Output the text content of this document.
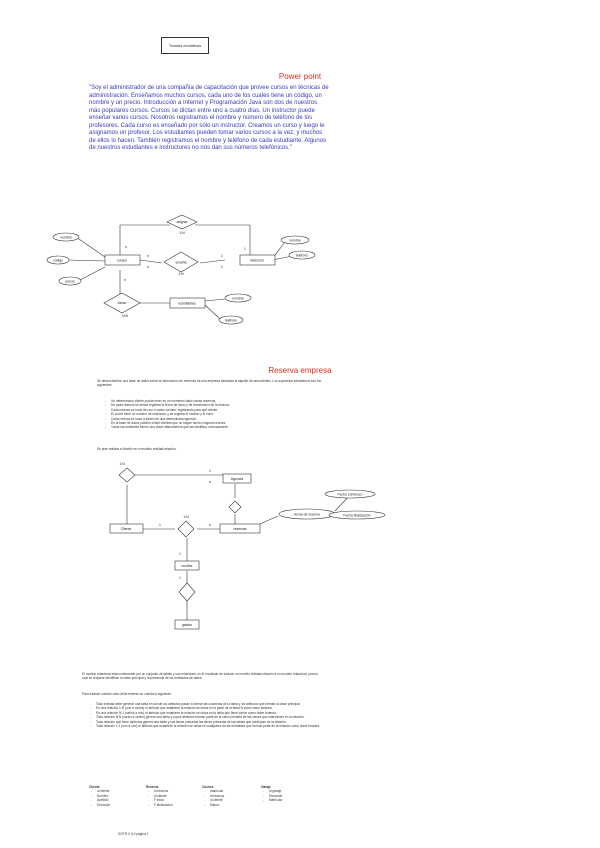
Tramos evolutivos
Power point
"Soy el administrador de una compañía de capacitación que provee cursos en técnicas de administración. Enseñamos muchos cursos, cada uno de los cuales tiene un código, un nombre y un precio. Introducción a Internet y Programación Java son dos de nuestros más populares cursos. Cursos se dictan entre uno a cuatro días. Un instructor puede enseñar varios cursos. Nosotros registramos el nombre y número de teléfono de los profesores. Cada curso es enseñado por sólo un instructor. Creamos un curso y luego le asignamos un profesor. Los estudiantes pueden tomar varios cursos a la vez, y muchos de ellos lo hacen. También registramos el nombre y teléfono de cada estudiante. Algunos de nuestros estudiantes e instructores no nos dan sus números telefónicos."
cursos	instructor
estudiantes
asignar
enseña
tomar
nombre
código
precio
nombre
teléfono
nombre
teléfono
1:N
1:N
N:N
n	1
n
n
1
1
n
Reserva empresa
Se desea diseñar una base de datos sobre la información de reservas de una empresa dedicada al alquiler de automóviles. Los supuestos semánticos son los siguientes:
- Un determinado cliente puede tener en un momento dado varias reservas.
- De cada reserva se desea registrar la fecha de inicio y de terminación de la reserva.
- Cada reserva se hace de uno o varios coches, registrando para qué cliente.
- El coche tiene un número de matrícula, y se registra el modelo y el color.
- Cada reserva se hace a través de una determinada agencia.
- En la base de datos pueden existir clientes que no hayan hecho ninguna reserva.
- Todas las entidades tienen una clave alfanumérica que las identifica unívocamente.
Se pide realizar el diseño en el modelo entidad-relación.
Agencia
Cliente	reservas
coches
gastos
fecha de reserva
Fecha comienzo
Fecha finalización
1:N
1:N
1
n
1	n
1
1
El modelo relacional está conformado por un conjunto de tablas y sus relaciones, es el resultado de traducir un modelo entidad-relación a un modelo relacional, para lo cual se requiere identificar la clave principal y la presencia de las entidades de datos.
Para traducir nuestro caso debe tenerse en cuenta lo siguiente:
- Toda entidad debe generar una tabla en donde los atributos pasan a formar las columnas de la tabla y los atributos que forman la clave principal.
- En una relación 1:N (uno a varios) el atributo que establece la relación se ubica en la parte de la tabla N como clave foránea.
- En una relación N:1 (varios a uno) el atributo que establece la relación se ubica en la tabla que tiene varios como clave foránea.
- Toda relación N:N (varios a varios) genera una tabla y cuyos atributos forman parte de la clave primaria de las claves que intervienen en la relación.
- Toda relación que tiene atributos genera una tabla y sus llaves primarias las llaves primarias de las tablas que participan de la relación.
- Toda relación 1:1 (uno a uno) el atributo que establece la relación se ubica en cualquiera de las entidades que forman parte de la relación como clave foránea.
Cliente
- id cliente
- Nombre
- Apellido
- Dirección
Reserva
- id reserva
- id cliente
- F inicio
- F finalización
Coches
- matrícula
- id reserva
- id cliente
- Marca
Garaje
- id garaje
- Dirección
- Matrícula
DOTR V 4.0 página 1
